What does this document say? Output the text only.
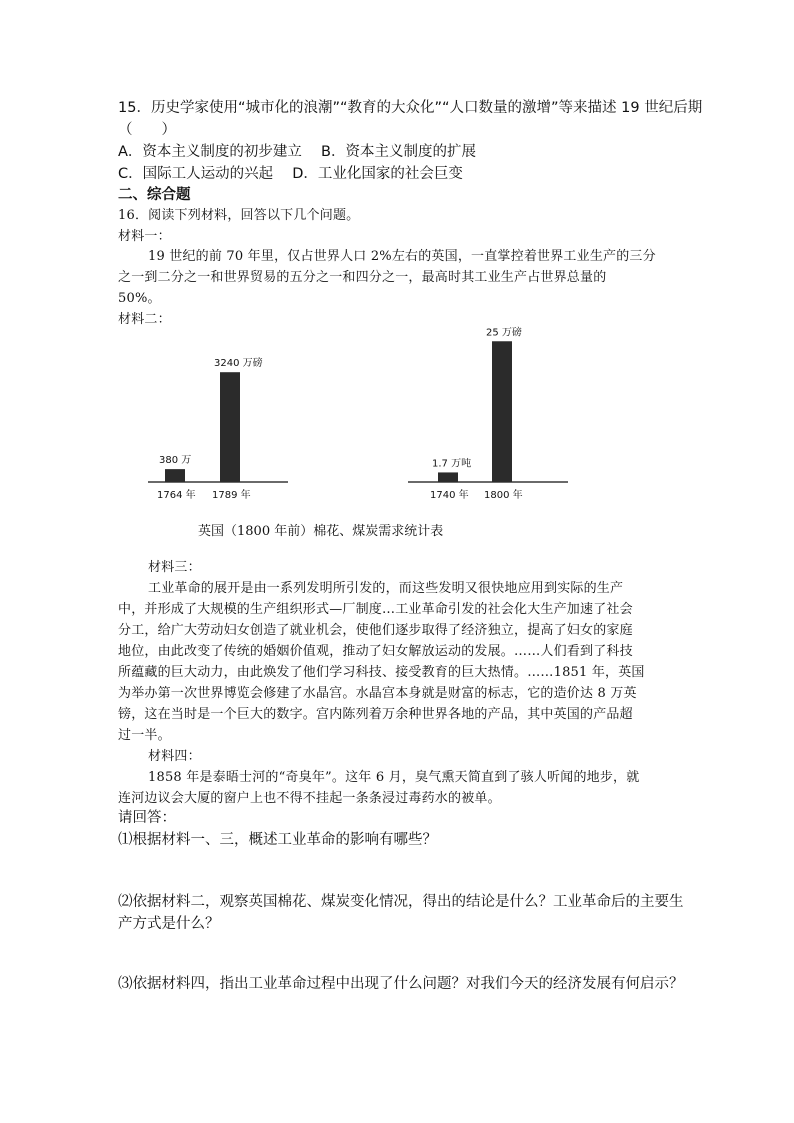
15．历史学家使用“城市化的浪潮”“教育的大众化”“人口数量的激增”等来描述 19 世纪后期
（　　）
A．资本主义制度的初步建立　 B．资本主义制度的扩展
C．国际工人运动的兴起　 D．工业化国家的社会巨变
二、综合题
16．阅读下列材料，回答以下几个问题。
材料一：
19 世纪的前 70 年里，仅占世界人口 2%左右的英国，一直掌控着世界工业生产的三分
之一到二分之一和世界贸易的五分之一和四分之一，最高时其工业生产占世界总量的
50%。
材料二：
380 万
1764 年
3240 万磅
1789 年
1.7 万吨
1740 年
25 万磅
1800 年
英国（1800 年前）棉花、煤炭需求统计表
材料三：
工业革命的展开是由一系列发明所引发的，而这些发明又很快地应用到实际的生产
中，并形成了大规模的生产组织形式—厂制度…工业革命引发的社会化大生产加速了社会
分工，给广大劳动妇女创造了就业机会，使他们逐步取得了经济独立，提高了妇女的家庭
地位，由此改变了传统的婚姻价值观，推动了妇女解放运动的发展。……人们看到了科技
所蕴藏的巨大动力，由此焕发了他们学习科技、接受教育的巨大热情。……1851 年，英国
为举办第一次世界博览会修建了水晶宫。水晶宫本身就是财富的标志，它的造价达 8 万英
镑，这在当时是一个巨大的数字。宫内陈列着万余种世界各地的产品，其中英国的产品超
过一半。
材料四：
1858 年是泰晤士河的“奇臭年”。这年 6 月，臭气熏天简直到了骇人听闻的地步，就
连河边议会大厦的窗户上也不得不挂起一条条浸过毒药水的被单。
请回答：
⑴根据材料一、三，概述工业革命的影响有哪些？
⑵依据材料二，观察英国棉花、煤炭变化情况，得出的结论是什么？工业革命后的主要生
产方式是什么？
⑶依据材料四，指出工业革命过程中出现了什么问题？对我们今天的经济发展有何启示？
